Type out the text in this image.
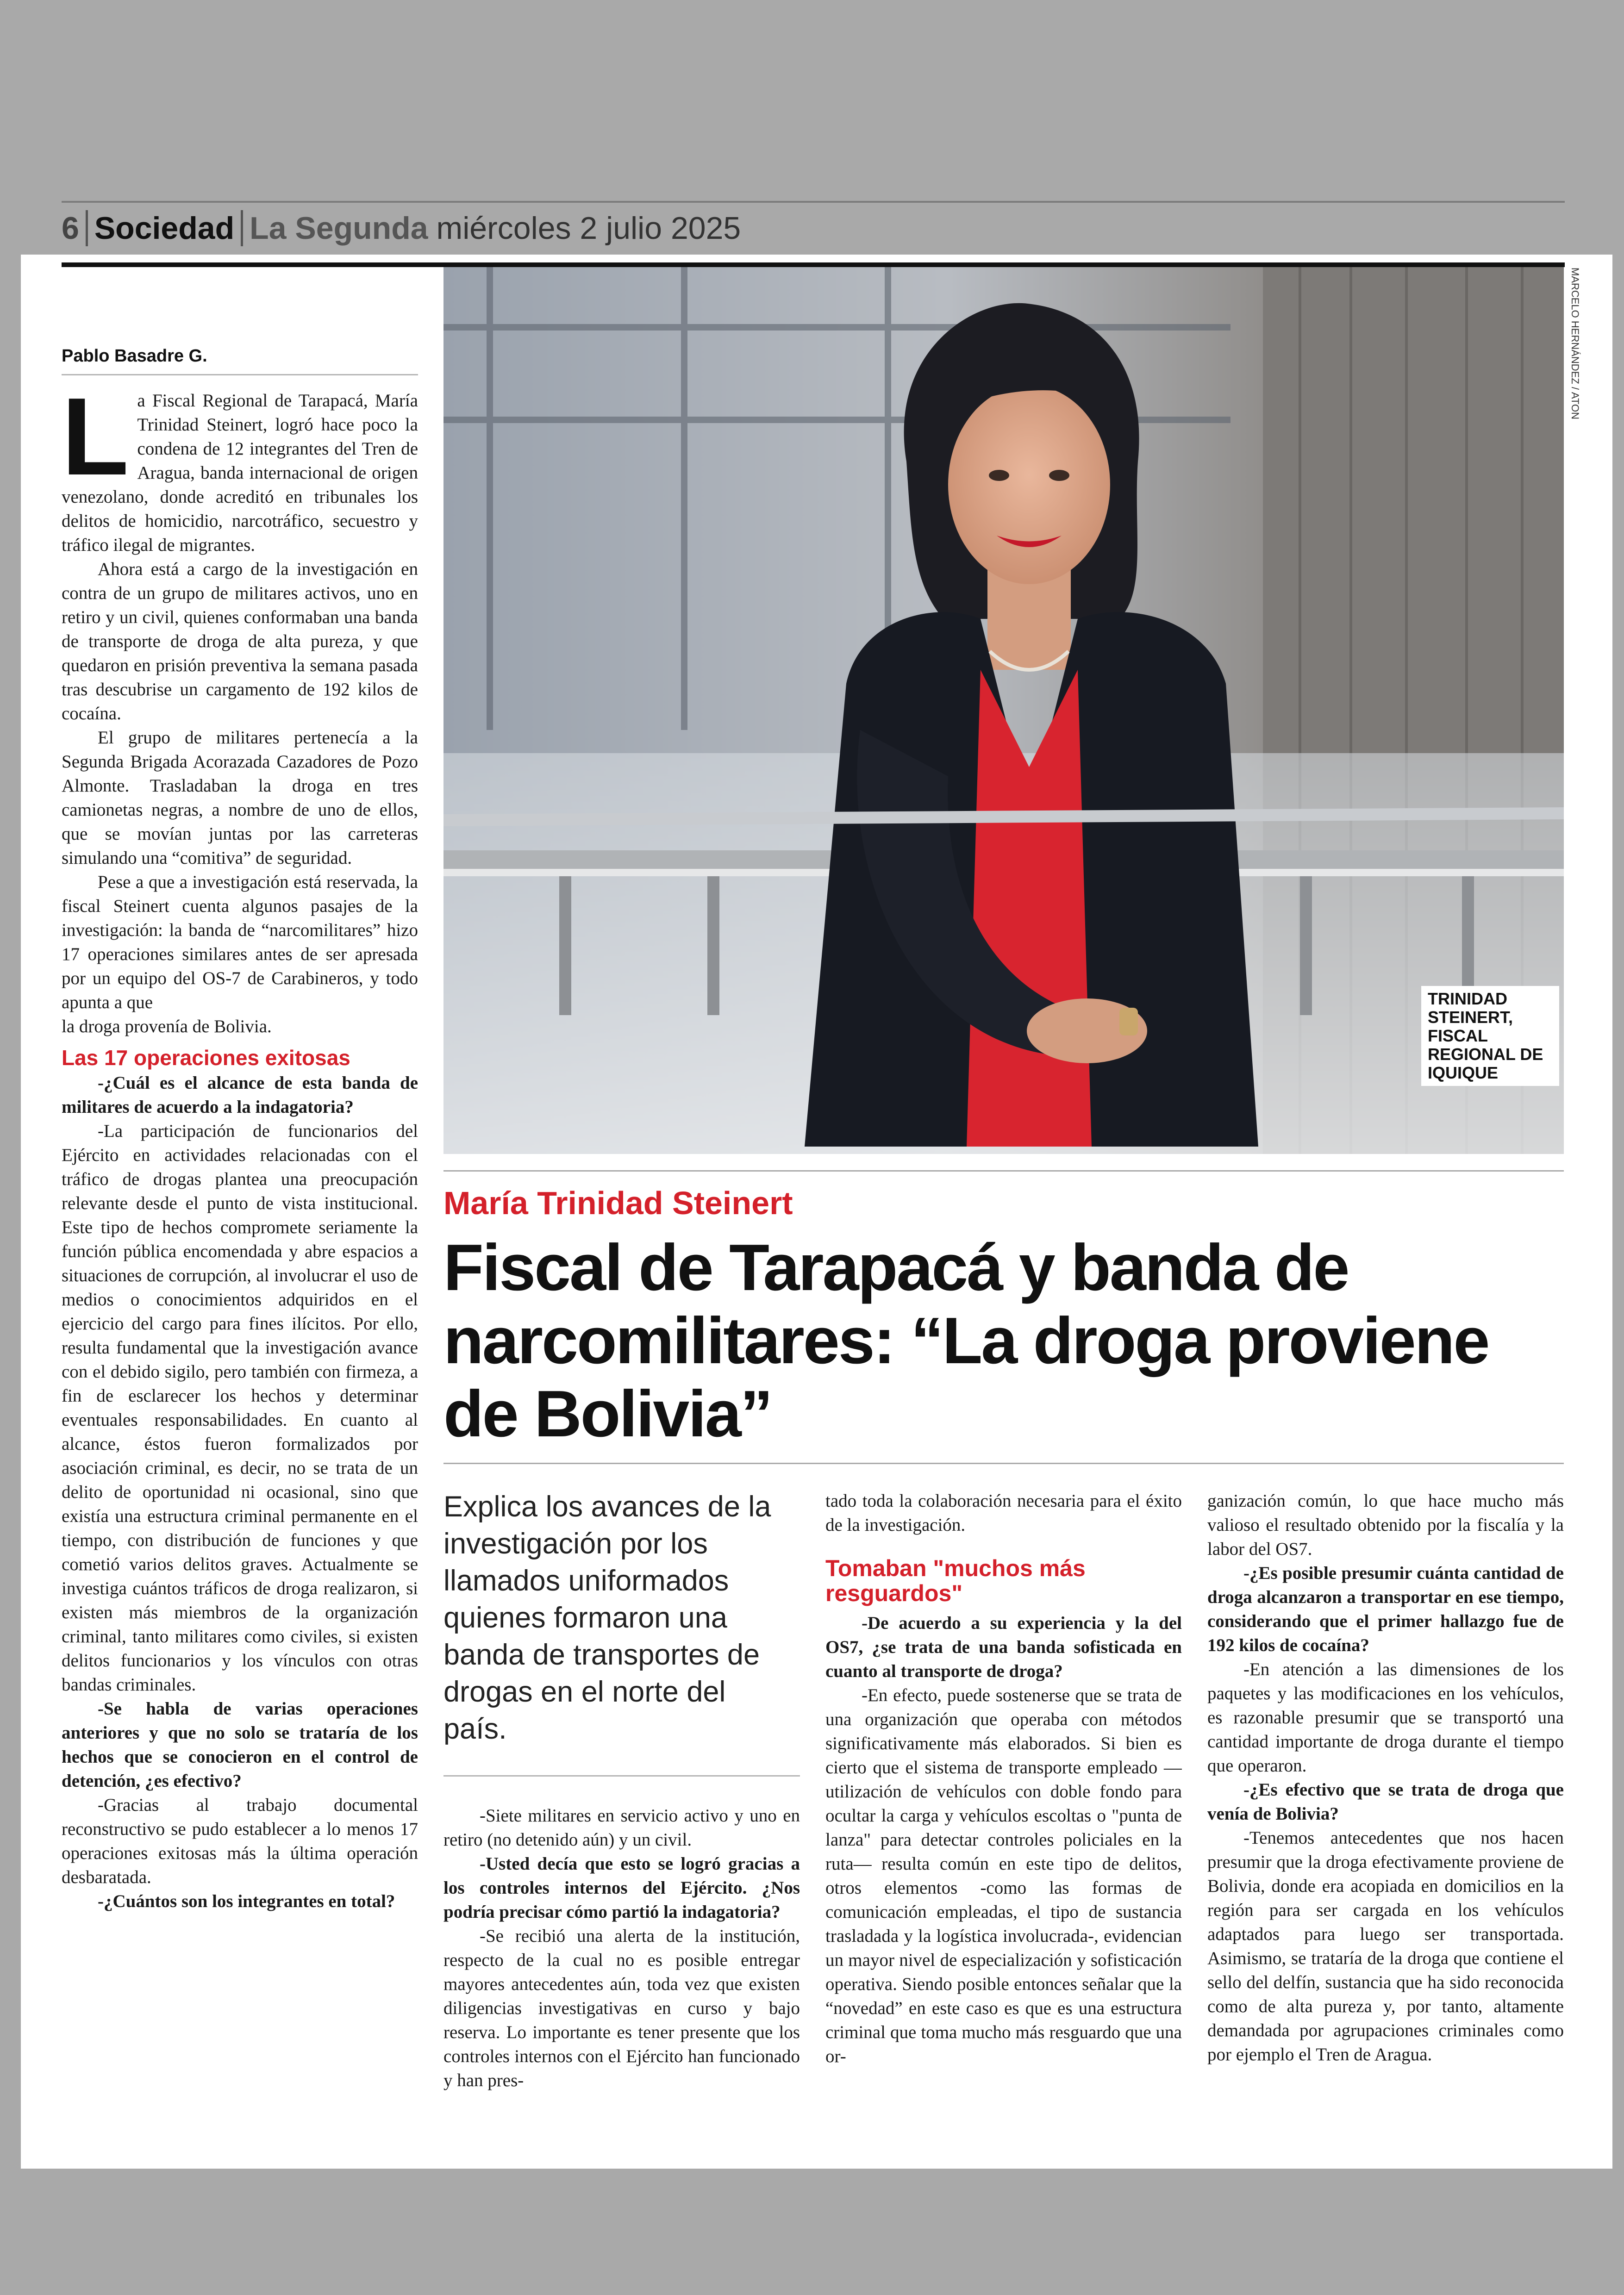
6 Sociedad La Segunda miércoles 2 julio 2025
Pablo Basadre G.

La Fiscal Regional de Tarapacá, María Trinidad Steinert, logró hace poco la condena de 12 integrantes del Tren de Aragua, banda internacional de origen venezolano, donde acreditó en tribunales los delitos de homicidio, narcotráfico, secuestro y tráfico ilegal de migrantes.

Ahora está a cargo de la investigación en contra de un grupo de militares activos, uno en retiro y un civil, quienes conformaban una banda de transporte de droga de alta pureza, y que quedaron en prisión preventiva la semana pasada tras descubrise un cargamento de 192 kilos de cocaína.

El grupo de militares pertenecía a la Segunda Brigada Acorazada Cazadores de Pozo Almonte. Trasladaban la droga en tres camionetas negras, a nombre de uno de ellos, que se movían juntas por las carreteras simulando una “comitiva” de seguridad.

Pese a que a investigación está reservada, la fiscal Steinert cuenta algunos pasajes de la investigación: la banda de “narcomilitares” hizo 17 operaciones similares antes de ser apresada por un equipo del OS-7 de Carabineros, y todo apunta a que

la droga provenía de Bolivia.

Las 17 operaciones exitosas

-¿Cuál es el alcance de esta banda de militares de acuerdo a la indagatoria?

-La participación de funcionarios del Ejército en actividades relacionadas con el tráfico de drogas plantea una preocupación relevante desde el punto de vista institucional. Este tipo de hechos compromete seriamente la función pública encomendada y abre espacios a situaciones de corrupción, al involucrar el uso de medios o conocimientos adquiridos en el ejercicio del cargo para fines ilícitos. Por ello, resulta fundamental que la investigación avance con el debido sigilo, pero también con firmeza, a fin de esclarecer los hechos y determinar eventuales responsabilidades. En cuanto al alcance, éstos fueron formalizados por asociación criminal, es decir, no se trata de un delito de oportunidad ni ocasional, sino que existía una estructura criminal permanente en el tiempo, con distribución de funciones y que cometió varios delitos graves. Actualmente se investiga cuántos tráficos de droga realizaron, si existen más miembros de la organización criminal, tanto militares como civiles, si existen delitos funcionarios y los vínculos con otras bandas criminales.

-Se habla de varias operaciones anteriores y que no solo se trataría de los hechos que se conocieron en el control de detención, ¿es efectivo?

-Gracias al trabajo documental reconstructivo se pudo establecer a lo menos 17 operaciones exitosas más la última operación desbaratada.

-¿Cuántos son los integrantes en total?

MARCELO HERNÁNDEZ / ATON
TRINIDAD STEINERT, FISCAL REGIONAL DE IQUIQUE
María Trinidad Steinert
Fiscal de Tarapacá y banda de narcomilitares: “La droga proviene de Bolivia”
Explica los avances de la investigación por los llamados uniformados quienes formaron una banda de transportes de drogas en el norte del país.

-Siete militares en servicio activo y uno en retiro (no detenido aún) y un civil.

-Usted decía que esto se logró gracias a los controles internos del Ejército. ¿Nos podría precisar cómo partió la indagatoria?

-Se recibió una alerta de la institución, respecto de la cual no es posible entregar mayores antecedentes aún, toda vez que existen diligencias investigativas en curso y bajo reserva. Lo importante es tener presente que los controles internos con el Ejército han funcionado y han pres-

tado toda la colaboración necesaria para el éxito de la investigación.

Tomaban "muchos más resguardos"

-De acuerdo a su experiencia y la del OS7, ¿se trata de una banda sofisticada en cuanto al transporte de droga?

-En efecto, puede sostenerse que se trata de una organización que operaba con métodos significativamente más elaborados. Si bien es cierto que el sistema de transporte empleado —utilización de vehículos con doble fondo para ocultar la carga y vehículos escoltas o "punta de lanza" para detectar controles policiales en la ruta— resulta común en este tipo de delitos, otros elementos -como las formas de comunicación empleadas, el tipo de sustancia trasladada y la logística involucrada-, evidencian un mayor nivel de especialización y sofisticación operativa. Siendo posible entonces señalar que la “novedad” en este caso es que es una estructura criminal que toma mucho más resguardo que una or-

ganización común, lo que hace mucho más valioso el resultado obtenido por la fiscalía y la labor del OS7.

-¿Es posible presumir cuánta cantidad de droga alcanzaron a transportar en ese tiempo, considerando que el primer hallazgo fue de 192 kilos de cocaína?

-En atención a las dimensiones de los paquetes y las modificaciones en los vehículos, es razonable presumir que se transportó una cantidad importante de droga durante el tiempo que operaron.

-¿Es efectivo que se trata de droga que venía de Bolivia?

-Tenemos antecedentes que nos hacen presumir que la droga efectivamente proviene de Bolivia, donde era acopiada en domicilios en la región para ser cargada en los vehículos adaptados para luego ser transportada. Asimismo, se trataría de la droga que contiene el sello del delfín, sustancia que ha sido reconocida como de alta pureza y, por tanto, altamente demandada por agrupaciones criminales como por ejemplo el Tren de Aragua.
